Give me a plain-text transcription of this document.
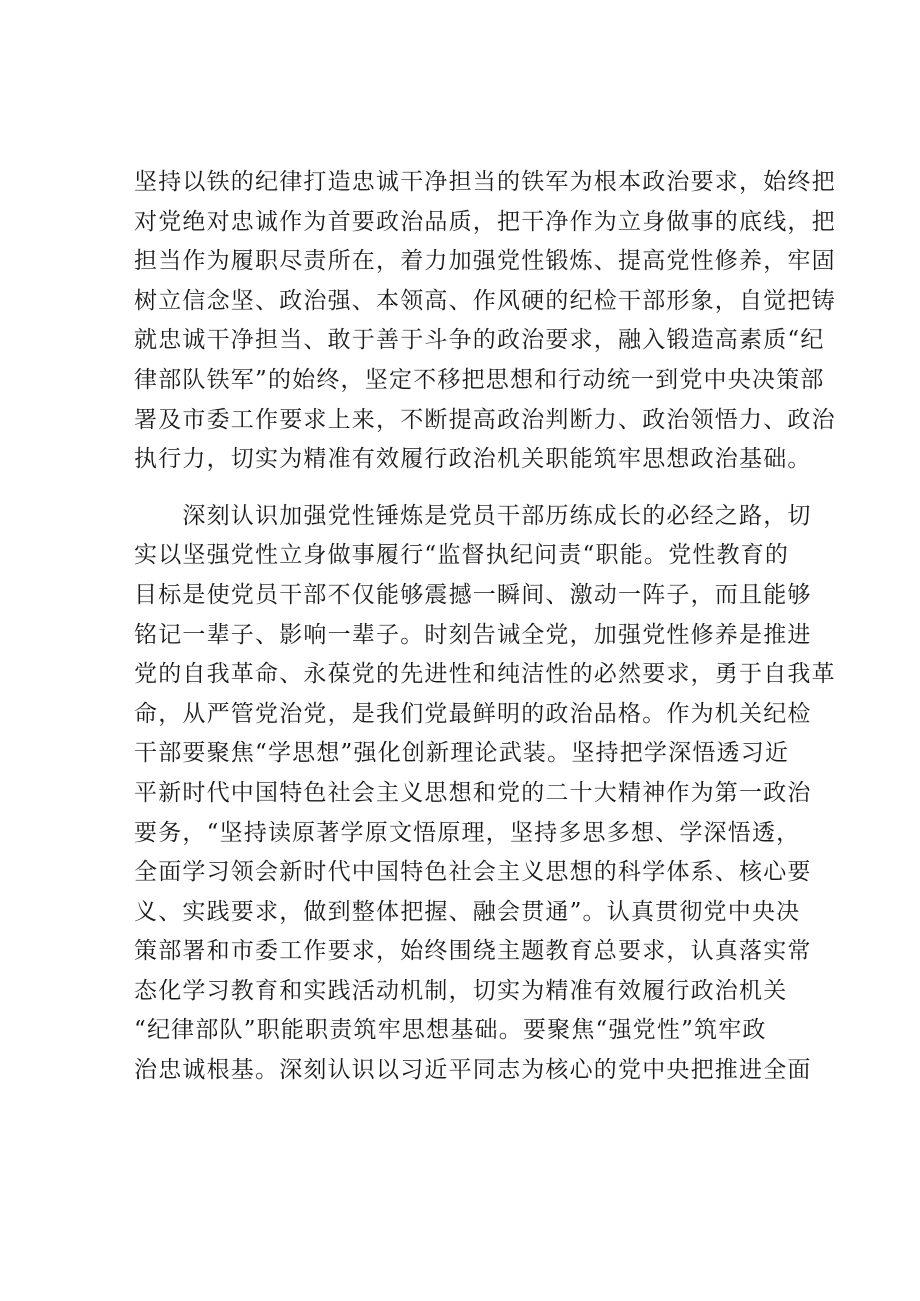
坚持以铁的纪律打造忠诚干净担当的铁军为根本政治要求，始终把
对党绝对忠诚作为首要政治品质，把干净作为立身做事的底线，把
担当作为履职尽责所在，着力加强党性锻炼、提高党性修养，牢固
树立信念坚、政治强、本领高、作风硬的纪检干部形象，自觉把铸
就忠诚干净担当、敢于善于斗争的政治要求，融入锻造高素质“纪
律部队铁军”的始终，坚定不移把思想和行动统一到党中央决策部
署及市委工作要求上来，不断提高政治判断力、政治领悟力、政治
执行力，切实为精准有效履行政治机关职能筑牢思想政治基础。
　　深刻认识加强党性锤炼是党员干部历练成长的必经之路，切
实以坚强党性立身做事履行“监督执纪问责“职能。党性教育的
目标是使党员干部不仅能够震撼一瞬间、激动一阵子，而且能够
铭记一辈子、影响一辈子。时刻告诫全党，加强党性修养是推进
党的自我革命、永葆党的先进性和纯洁性的必然要求，勇于自我革
命，从严管党治党，是我们党最鲜明的政治品格。作为机关纪检
干部要聚焦“学思想”强化创新理论武装。坚持把学深悟透习近
平新时代中国特色社会主义思想和党的二十大精神作为第一政治
要务，“坚持读原著学原文悟原理，坚持多思多想、学深悟透，
全面学习领会新时代中国特色社会主义思想的科学体系、核心要
义、实践要求，做到整体把握、融会贯通”。认真贯彻党中央决
策部署和市委工作要求，始终围绕主题教育总要求，认真落实常
态化学习教育和实践活动机制，切实为精准有效履行政治机关
“纪律部队”职能职责筑牢思想基础。要聚焦“强党性”筑牢政
治忠诚根基。深刻认识以习近平同志为核心的党中央把推进全面
